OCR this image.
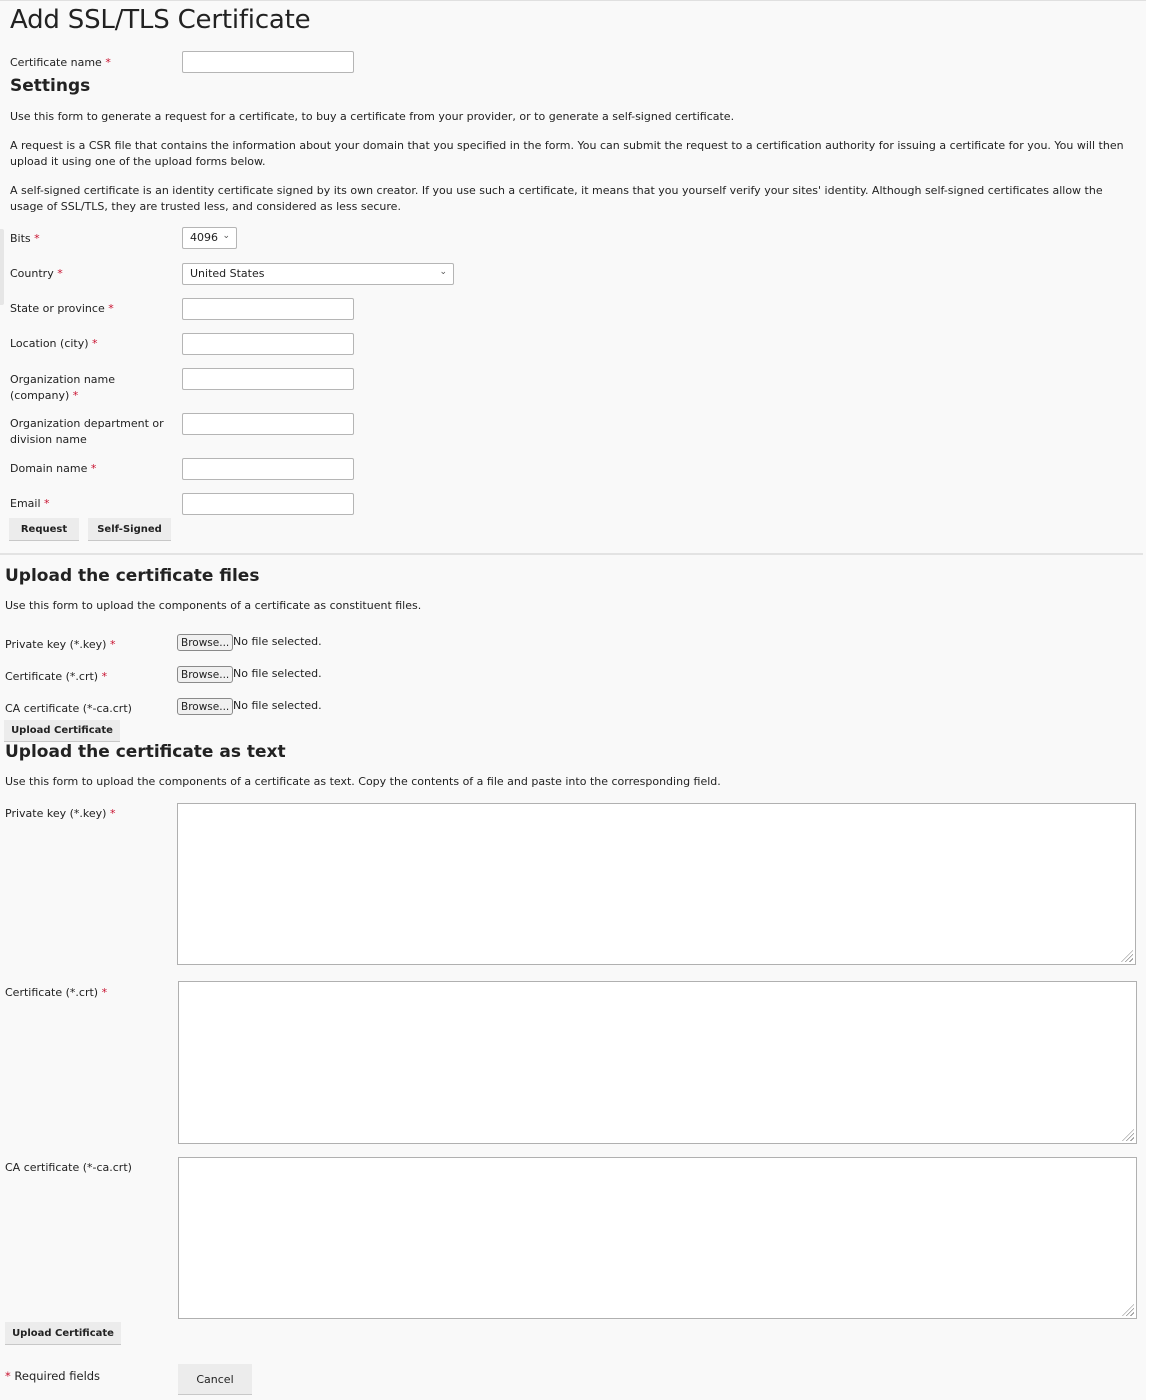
Add SSL/TLS Certificate
Certificate name *
Settings
Use this form to generate a request for a certificate, to buy a certificate from your provider, or to generate a self-signed certificate.
A request is a CSR file that contains the information about your domain that you specified in the form. You can submit the request to a certification authority for issuing a certificate for you. You will then upload it using one of the upload forms below.
A self-signed certificate is an identity certificate signed by its own creator. If you use such a certificate, it means that you yourself verify your sites' identity. Although self-signed certificates allow the usage of SSL/TLS, they are trusted less, and considered as less secure.
Bits *	4096 ⌄
Country *	United States	⌄
State or province *
Location (city) *
Organization name
(company) *
Organization department or
division name
Domain name *
Email *
Request	Self-Signed
Upload the certificate files
Use this form to upload the components of a certificate as constituent files.
Private key (*.key) *	Browse... No file selected.
Certificate (*.crt) *	Browse... No file selected.
CA certificate (*-ca.crt)	Browse... No file selected.
Upload Certificate
Upload the certificate as text
Use this form to upload the components of a certificate as text. Copy the contents of a file and paste into the corresponding field.
Private key (*.key) *
Certificate (*.crt) *
CA certificate (*-ca.crt)
Upload Certificate
* Required fields	Cancel
